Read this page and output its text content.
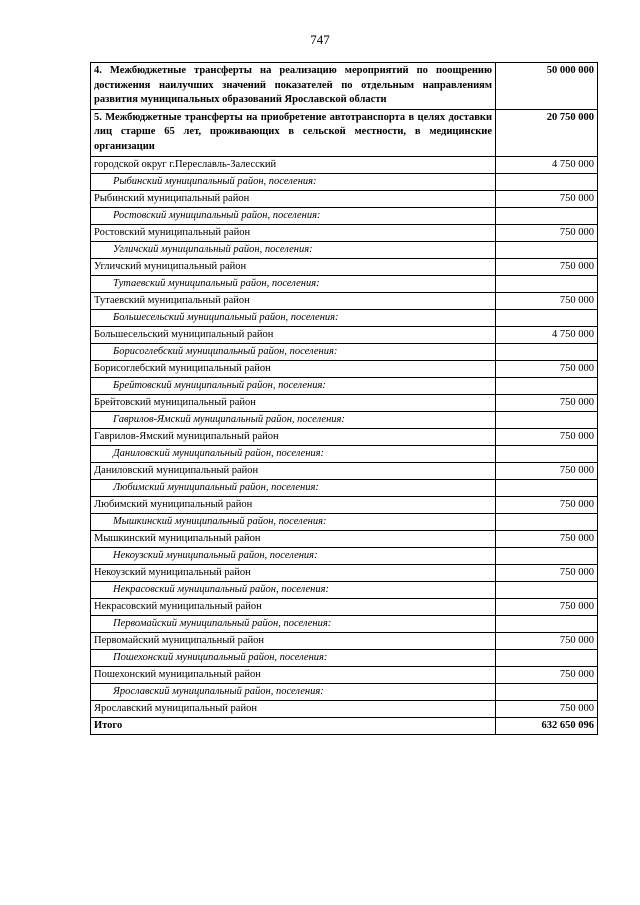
747
4. Межбюджетные трансферты на реализацию мероприятий по поощрению достижения наилучших значений показателей по отдельным направлениям развития муниципальных образований Ярославской области	50 000 000
5. Межбюджетные трансферты на приобретение автотранспорта в целях доставки лиц старше 65 лет, проживающих в сельской местности, в медицинские организации	20 750 000
городской округ г.Переславль-Залесский	4 750 000
Рыбинский муниципальный район, поселения:	
Рыбинский муниципальный район	750 000
Ростовский муниципальный район, поселения:	
Ростовский муниципальный район	750 000
Угличский муниципальный район, поселения:	
Угличский муниципальный район	750 000
Тутаевский муниципальный район, поселения:	
Тутаевский муниципальный район	750 000
Большесельский муниципальный район, поселения:	
Большесельский муниципальный район	4 750 000
Борисоглебский муниципальный район, поселения:	
Борисоглебский муниципальный район	750 000
Брейтовский муниципальный район, поселения:	
Брейтовский муниципальный район	750 000
Гаврилов-Ямский муниципальный район, поселения:	
Гаврилов-Ямский муниципальный район	750 000
Даниловский муниципальный район, поселения:	
Даниловский муниципальный район	750 000
Любимский муниципальный район, поселения:	
Любимский муниципальный район	750 000
Мышкинский муниципальный район, поселения:	
Мышкинский муниципальный район	750 000
Некоузский муниципальный район, поселения:	
Некоузский муниципальный район	750 000
Некрасовский муниципальный район, поселения:	
Некрасовский муниципальный район	750 000
Первомайский муниципальный район, поселения:	
Первомайский муниципальный район	750 000
Пошехонский муниципальный район, поселения:	
Пошехонский муниципальный район	750 000
Ярославский муниципальный район, поселения:	
Ярославский муниципальный район	750 000
Итого	632 650 096
